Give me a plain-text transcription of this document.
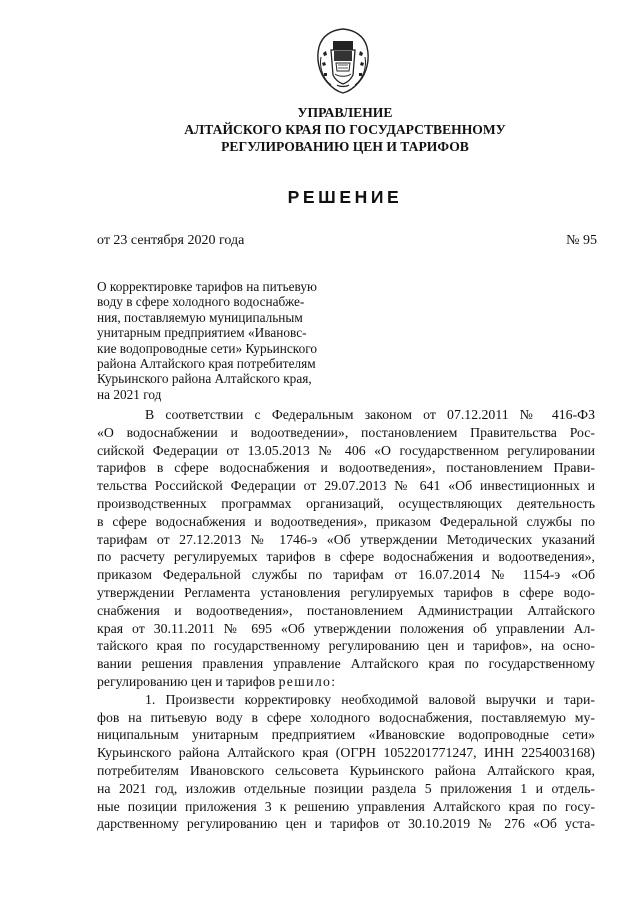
УПРАВЛЕНИЕ
АЛТАЙСКОГО КРАЯ ПО ГОСУДАРСТВЕННОМУ
РЕГУЛИРОВАНИЮ ЦЕН И ТАРИФОВ
РЕШЕНИЕ
от 23 сентября 2020 года	№ 95
О корректировке тарифов на питьевую
воду в сфере холодного водоснабже-
ния, поставляемую муниципальным
унитарным предприятием «Ивановс-
кие водопроводные сети» Курьинского
района Алтайского края потребителям
Курьинского района Алтайского края,
на 2021 год
В соответствии с Федеральным законом от 07.12.2011 № 416-ФЗ
«О водоснабжении и водоотведении», постановлением Правительства Рос-
сийской Федерации от 13.05.2013 № 406 «О государственном регулировании
тарифов в сфере водоснабжения и водоотведения», постановлением Прави-
тельства Российской Федерации от 29.07.2013 № 641 «Об инвестиционных и
производственных программах организаций, осуществляющих деятельность
в сфере водоснабжения и водоотведения», приказом Федеральной службы по
тарифам от 27.12.2013 № 1746-э «Об утверждении Методических указаний
по расчету регулируемых тарифов в сфере водоснабжения и водоотведения»,
приказом Федеральной службы по тарифам от 16.07.2014 № 1154-э «Об
утверждении Регламента установления регулируемых тарифов в сфере водо-
снабжения и водоотведения», постановлением Администрации Алтайского
края от 30.11.2011 № 695 «Об утверждении положения об управлении Ал-
тайского края по государственному регулированию цен и тарифов», на осно-
вании решения правления управление Алтайского края по государственному
регулированию цен и тарифов решило:
1. Произвести корректировку необходимой валовой выручки и тари-
фов на питьевую воду в сфере холодного водоснабжения, поставляемую му-
ниципальным унитарным предприятием «Ивановские водопроводные сети»
Курьинского района Алтайского края (ОГРН 1052201771247, ИНН 2254003168)
потребителям Ивановского сельсовета Курьинского района Алтайского края,
на 2021 год, изложив отдельные позиции раздела 5 приложения 1 и отдель-
ные позиции приложения 3 к решению управления Алтайского края по госу-
дарственному регулированию цен и тарифов от 30.10.2019 № 276 «Об уста-
